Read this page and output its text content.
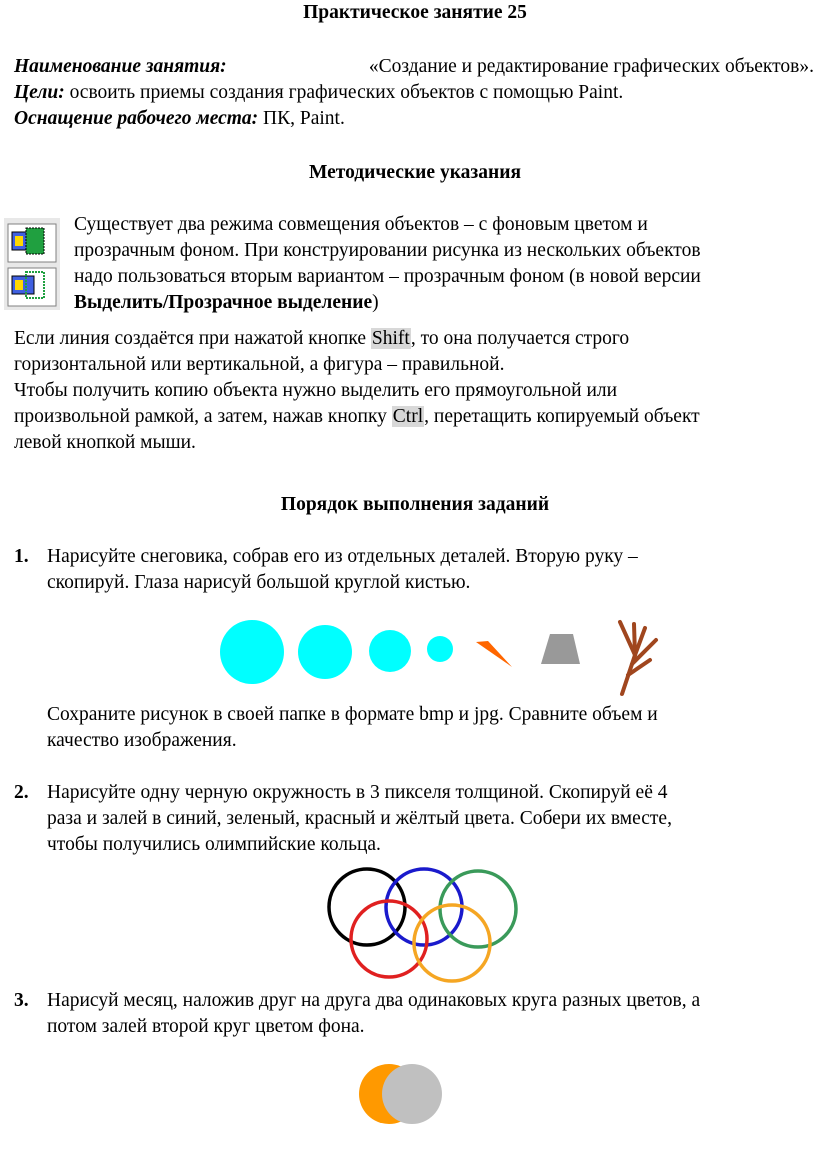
Практическое занятие 25
Наименование занятия:	«Создание и редактирование графических объектов».
Цели: освоить приемы создания графических объектов с помощью Paint.
Оснащение рабочего места: ПК, Paint.
Методические указания
Существует два режима совмещения объектов – с фоновым цветом и
прозрачным фоном. При конструировании рисунка из нескольких объектов
надо пользоваться вторым вариантом – прозрачным фоном (в новой версии
Выделить/Прозрачное выделение)
Если линия создаётся при нажатой кнопке Shift, то она получается строго
горизонтальной или вертикальной, а фигура – правильной.
Чтобы получить копию объекта нужно выделить его прямоугольной или
произвольной рамкой, а затем, нажав кнопку Ctrl, перетащить копируемый объект
левой кнопкой мыши.
Порядок выполнения заданий
1. Нарисуйте снеговика, собрав его из отдельных деталей. Вторую руку –
скопируй. Глаза нарисуй большой круглой кистью.
Сохраните рисунок в своей папке в формате bmp и jpg. Сравните объем и
качество изображения.
2. Нарисуйте одну черную окружность в 3 пикселя толщиной. Скопируй её 4
раза и залей в синий, зеленый, красный и жёлтый цвета. Собери их вместе,
чтобы получились олимпийские кольца.
3. Нарисуй месяц, наложив друг на друга два одинаковых круга разных цветов, а
потом залей второй круг цветом фона.
